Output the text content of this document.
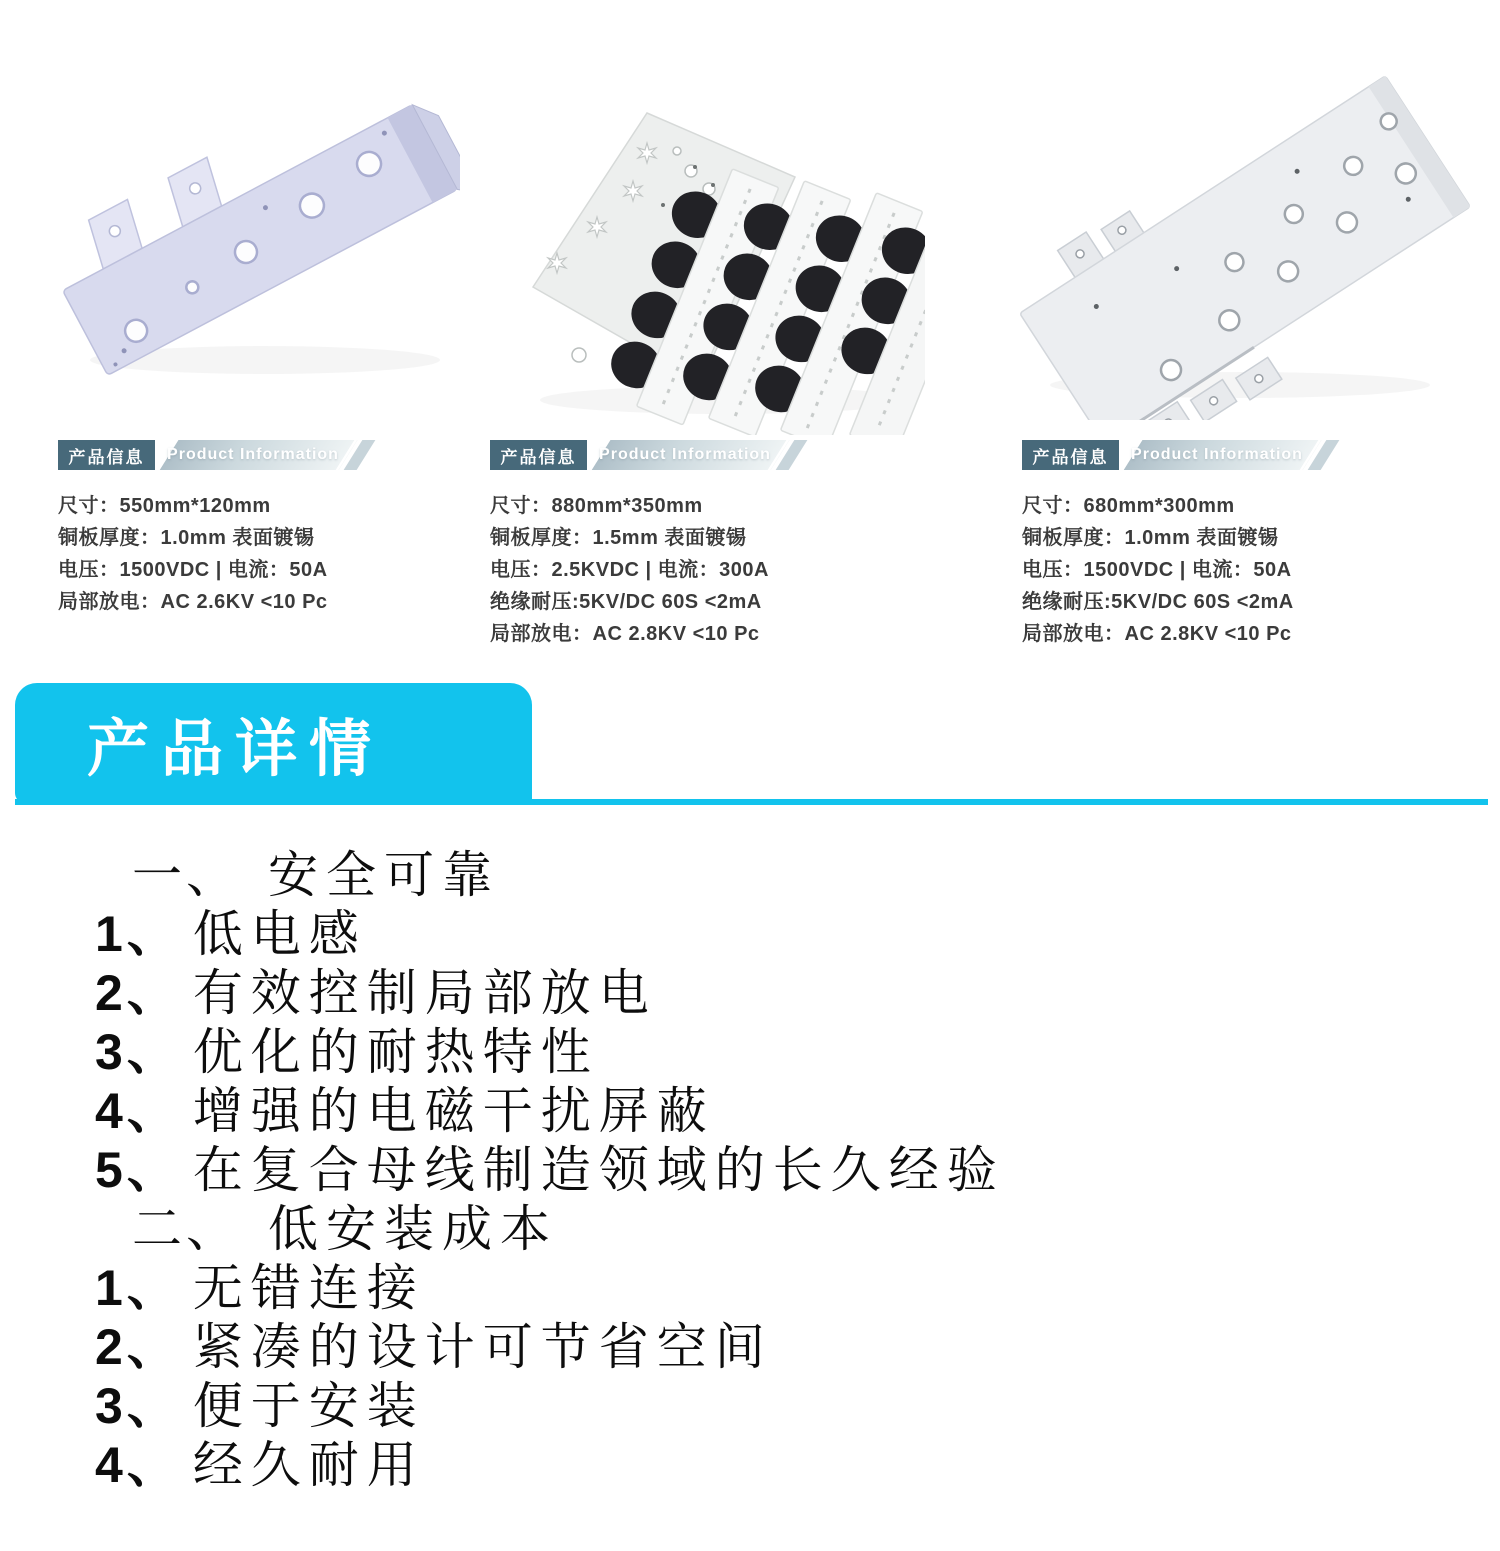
产品信息	Product Information
尺寸：550mm*120mm
铜板厚度：1.0mm 表面镀锡
电压：1500VDC | 电流：50A
局部放电：AC 2.6KV <10 Pc
产品信息	Product Information
尺寸：880mm*350mm
铜板厚度：1.5mm 表面镀锡
电压：2.5KVDC | 电流：300A
绝缘耐压:5KV/DC 60S <2mA
局部放电：AC 2.8KV <10 Pc
产品信息	Product Information
尺寸：680mm*300mm
铜板厚度：1.0mm 表面镀锡
电压：1500VDC | 电流：50A
绝缘耐压:5KV/DC 60S <2mA
局部放电：AC 2.8KV <10 Pc
产品详情
一、 安全可靠
1、 低电感
2、 有效控制局部放电
3、 优化的耐热特性
4、 增强的电磁干扰屏蔽
5、 在复合母线制造领域的长久经验
二、 低安装成本
1、 无错连接
2、 紧凑的设计可节省空间
3、 便于安装
4、 经久耐用
